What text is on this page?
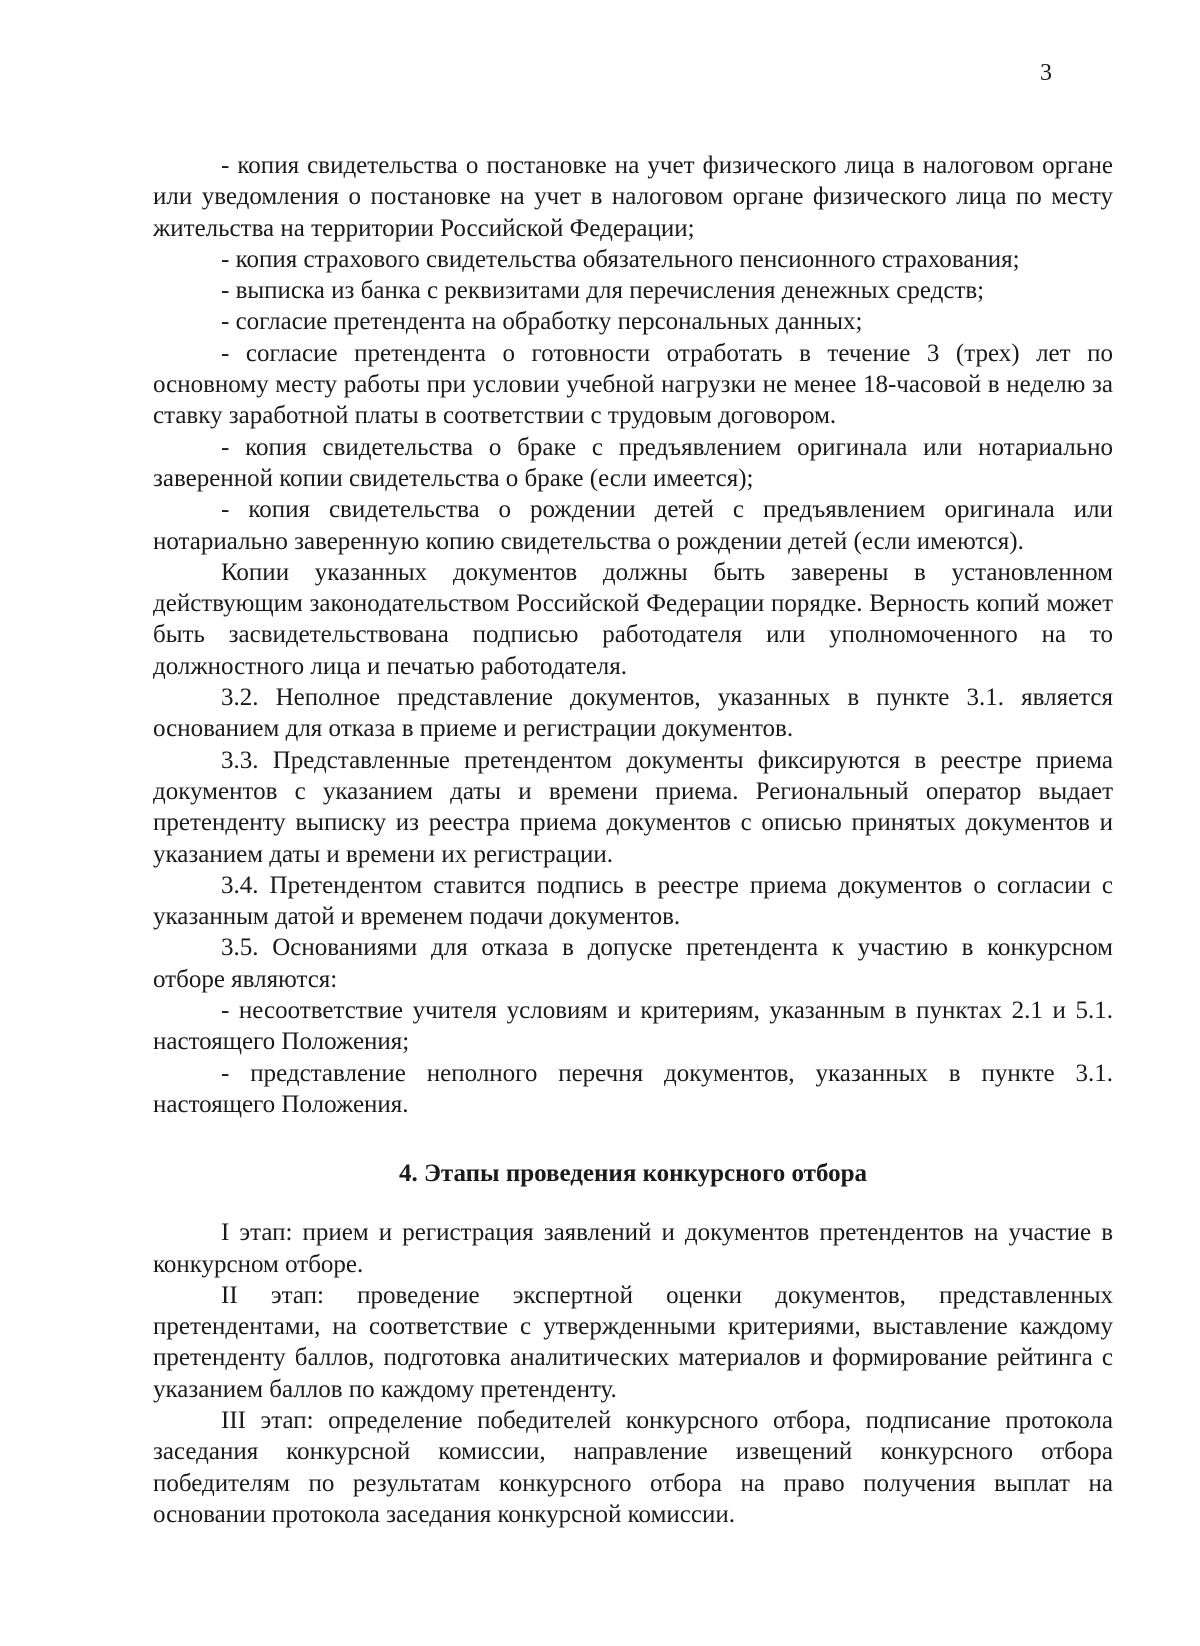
3

- копия свидетельства о постановке на учет физического лица в налоговом органе или уведомления о постановке на учет в налоговом органе физического лица по месту жительства на территории Российской Федерации;

- копия страхового свидетельства обязательного пенсионного страхования;

- выписка из банка с реквизитами для перечисления денежных средств;

- согласие претендента на обработку персональных данных;

- согласие претендента о готовности отработать в течение 3 (трех) лет по основному месту работы при условии учебной нагрузки не менее 18-часовой в неделю за ставку заработной платы в соответствии с трудовым договором.

- копия свидетельства о браке с предъявлением оригинала или нотариально заверенной копии свидетельства о браке (если имеется);

- копия свидетельства о рождении детей с предъявлением оригинала или нотариально заверенную копию свидетельства о рождении детей (если имеются).

Копии указанных документов должны быть заверены в установленном действующим законодательством Российской Федерации порядке. Верность копий может быть засвидетельствована подписью работодателя или уполномоченного на то должностного лица и печатью работодателя.

3.2. Неполное представление документов, указанных в пункте 3.1. является основанием для отказа в приеме и регистрации документов.

3.3. Представленные претендентом документы фиксируются в реестре приема документов с указанием даты и времени приема. Региональный оператор выдает претенденту выписку из реестра приема документов с описью принятых документов и указанием даты и времени их регистрации.

3.4. Претендентом ставится подпись в реестре приема документов о согласии с указанным датой и временем подачи документов.

3.5. Основаниями для отказа в допуске претендента к участию в конкурсном отборе являются:

- несоответствие учителя условиям и критериям, указанным в пунктах 2.1 и 5.1. настоящего Положения;

- представление неполного перечня документов, указанных в пункте 3.1. настоящего Положения.

4. Этапы проведения конкурсного отбора

I этап: прием и регистрация заявлений и документов претендентов на участие в конкурсном отборе.

II этап: проведение экспертной оценки документов, представленных претендентами, на соответствие с утвержденными критериями, выставление каждому претенденту баллов, подготовка аналитических материалов и формирование рейтинга с указанием баллов по каждому претенденту.

III этап: определение победителей конкурсного отбора, подписание протокола заседания конкурсной комиссии, направление извещений конкурсного отбора победителям по результатам конкурсного отбора на право получения выплат на основании протокола заседания конкурсной комиссии.
